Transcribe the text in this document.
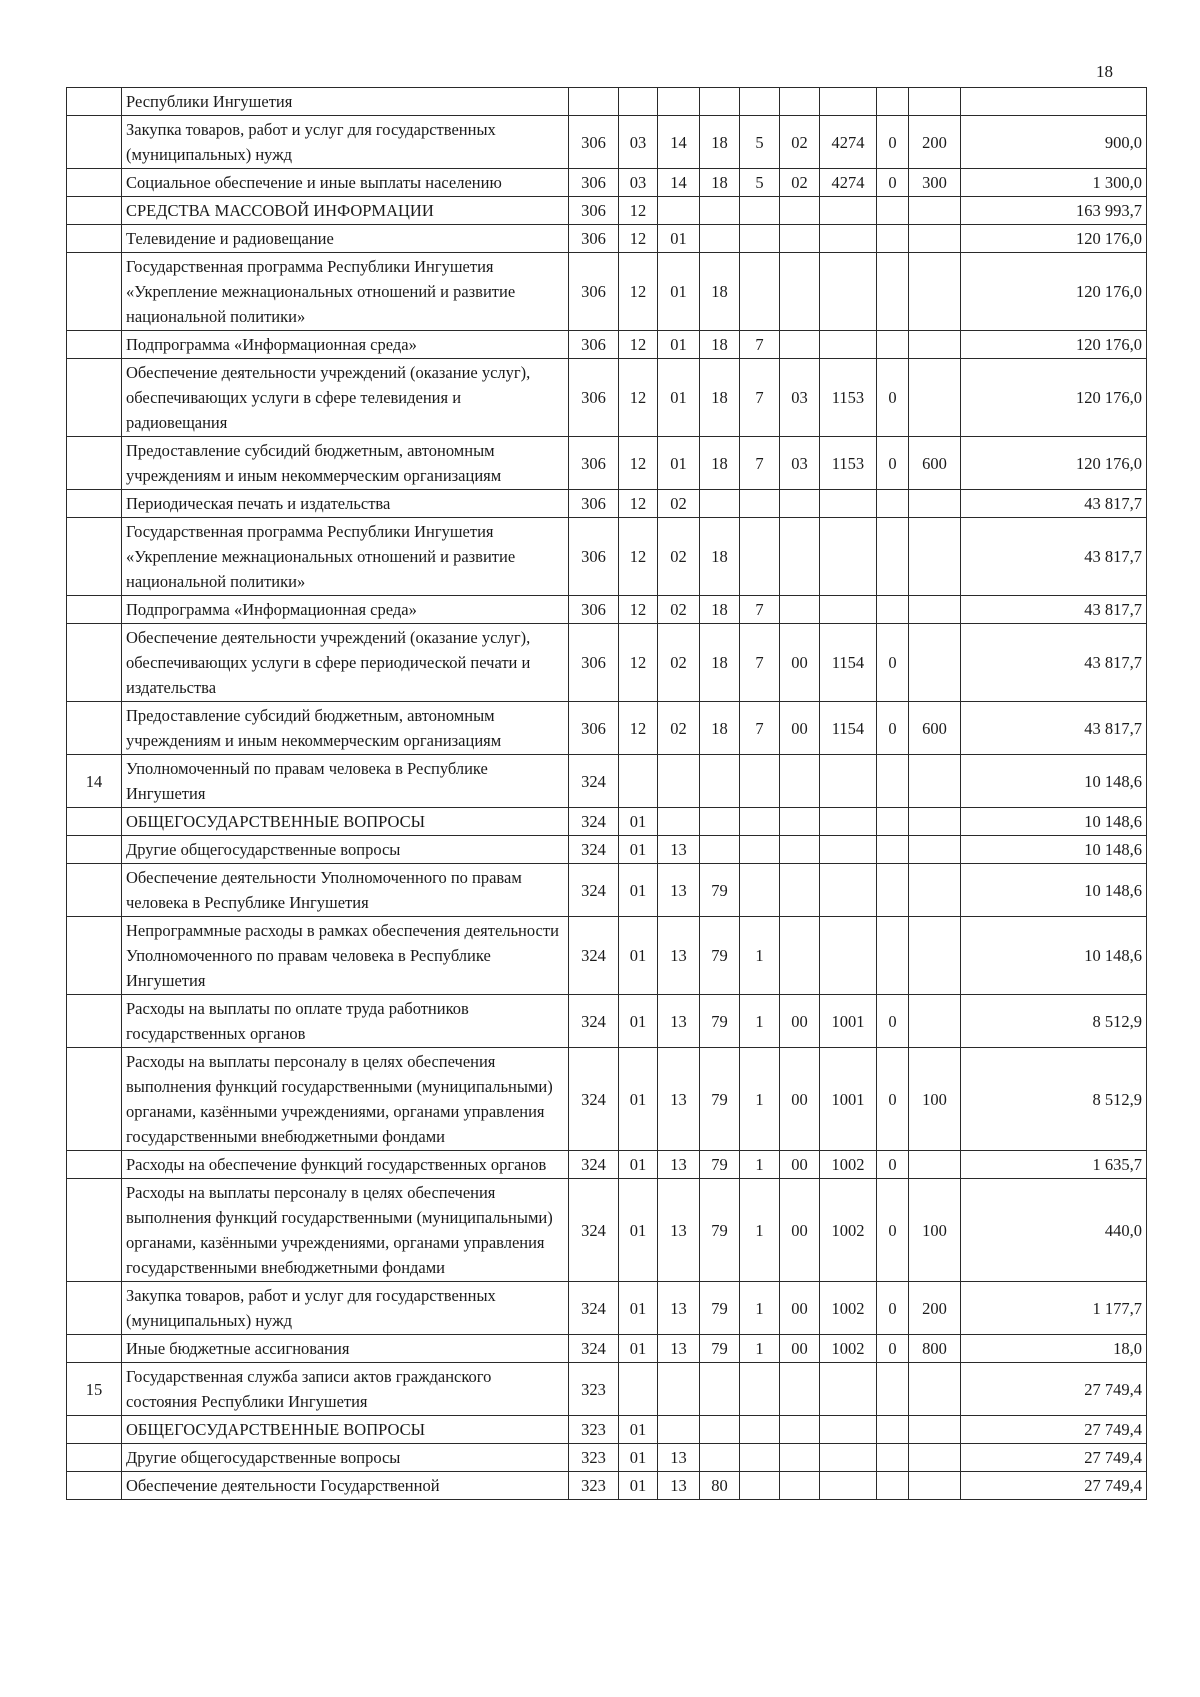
18
	Республики Ингушетия										
	Закупка товаров, работ и услуг для государственных (муниципальных) нужд	306	03	14	18	5	02	4274	0	200	900,0
	Социальное обеспечение и иные выплаты населению	306	03	14	18	5	02	4274	0	300	1 300,0
	СРЕДСТВА МАССОВОЙ ИНФОРМАЦИИ	306	12								163 993,7
	Телевидение и радиовещание	306	12	01							120 176,0
	Государственная программа Республики Ингушетия «Укрепление межнациональных отношений и развитие национальной политики»	306	12	01	18						120 176,0
	Подпрограмма «Информационная среда»	306	12	01	18	7					120 176,0
	Обеспечение деятельности учреждений (оказание услуг), обеспечивающих услуги в сфере телевидения и радиовещания	306	12	01	18	7	03	1153	0		120 176,0
	Предоставление субсидий бюджетным, автономным учреждениям и иным некоммерческим организациям	306	12	01	18	7	03	1153	0	600	120 176,0
	Периодическая печать и издательства	306	12	02							43 817,7
	Государственная программа Республики Ингушетия «Укрепление межнациональных отношений и развитие национальной политики»	306	12	02	18						43 817,7
	Подпрограмма «Информационная среда»	306	12	02	18	7					43 817,7
	Обеспечение деятельности учреждений (оказание услуг), обеспечивающих услуги в сфере периодической печати и издательства	306	12	02	18	7	00	1154	0		43 817,7
	Предоставление субсидий бюджетным, автономным учреждениям и иным некоммерческим организациям	306	12	02	18	7	00	1154	0	600	43 817,7
14	Уполномоченный по правам человека в Республике Ингушетия	324									10 148,6
	ОБЩЕГОСУДАРСТВЕННЫЕ ВОПРОСЫ	324	01								10 148,6
	Другие общегосударственные вопросы	324	01	13							10 148,6
	Обеспечение деятельности Уполномоченного по правам человека в Республике Ингушетия	324	01	13	79						10 148,6
	Непрограммные расходы в рамках обеспечения деятельности Уполномоченного по правам человека в Республике Ингушетия	324	01	13	79	1					10 148,6
	Расходы на выплаты по оплате труда работников государственных органов	324	01	13	79	1	00	1001	0		8 512,9
	Расходы на выплаты персоналу в целях обеспечения выполнения функций государственными (муниципальными) органами, казёнными учреждениями, органами управления государственными внебюджетными фондами	324	01	13	79	1	00	1001	0	100	8 512,9
	Расходы на обеспечение функций государственных органов	324	01	13	79	1	00	1002	0		1 635,7
	Расходы на выплаты персоналу в целях обеспечения выполнения функций государственными (муниципальными) органами, казёнными учреждениями, органами управления государственными внебюджетными фондами	324	01	13	79	1	00	1002	0	100	440,0
	Закупка товаров, работ и услуг для государственных (муниципальных) нужд	324	01	13	79	1	00	1002	0	200	1 177,7
	Иные бюджетные ассигнования	324	01	13	79	1	00	1002	0	800	18,0
15	Государственная служба записи актов гражданского состояния Республики Ингушетия	323									27 749,4
	ОБЩЕГОСУДАРСТВЕННЫЕ ВОПРОСЫ	323	01								27 749,4
	Другие общегосударственные вопросы	323	01	13							27 749,4
	Обеспечение деятельности Государственной	323	01	13	80						27 749,4
